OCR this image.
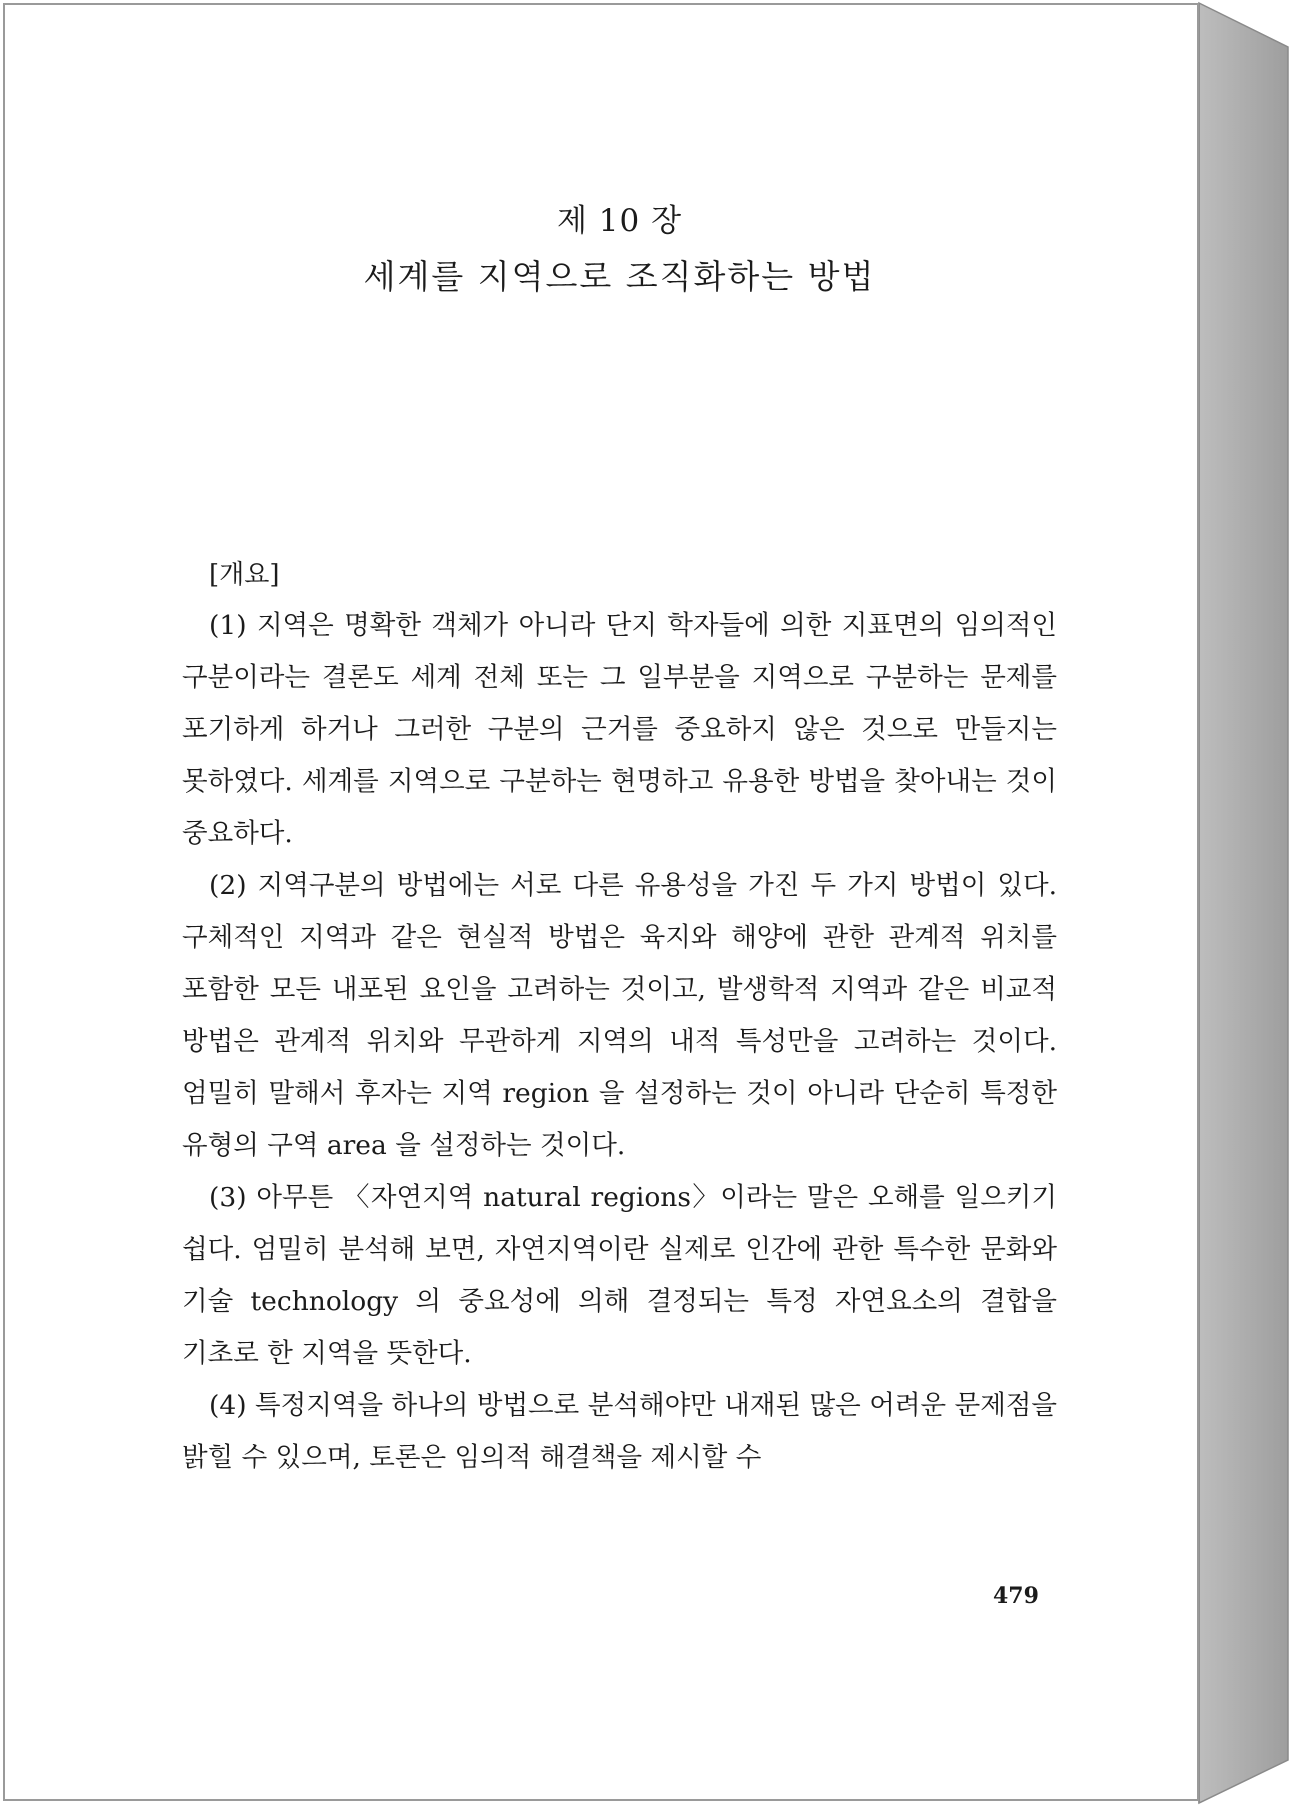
제 10 장
세계를 지역으로 조직화하는 방법
[개요]

(1) 지역은 명확한 객체가 아니라 단지 학자들에 의한 지표면의 임의적인 구분이라는 결론도 세계 전체 또는 그 일부분을 지역으로 구분하는 문제를 포기하게 하거나 그러한 구분의 근거를 중요하지 않은 것으로 만들지는 못하였다. 세계를 지역으로 구분하는 현명하고 유용한 방법을 찾아내는 것이 중요하다.

(2) 지역구분의 방법에는 서로 다른 유용성을 가진 두 가지 방법이 있다. 구체적인 지역과 같은 현실적 방법은 육지와 해양에 관한 관계적 위치를 포함한 모든 내포된 요인을 고려하는 것이고, 발생학적 지역과 같은 비교적 방법은 관계적 위치와 무관하게 지역의 내적 특성만을 고려하는 것이다. 엄밀히 말해서 후자는 지역 region 을 설정하는 것이 아니라 단순히 특정한 유형의 구역 area 을 설정하는 것이다.

(3) 아무튼 〈자연지역 natural regions〉이라는 말은 오해를 일으키기 쉽다. 엄밀히 분석해 보면, 자연지역이란 실제로 인간에 관한 특수한 문화와 기술 technology 의 중요성에 의해 결정되는 특정 자연요소의 결합을 기초로 한 지역을 뜻한다.

(4) 특정지역을 하나의 방법으로 분석해야만 내재된 많은 어려운 문제점을 밝힐 수 있으며, 토론은 임의적 해결책을 제시할 수

479
